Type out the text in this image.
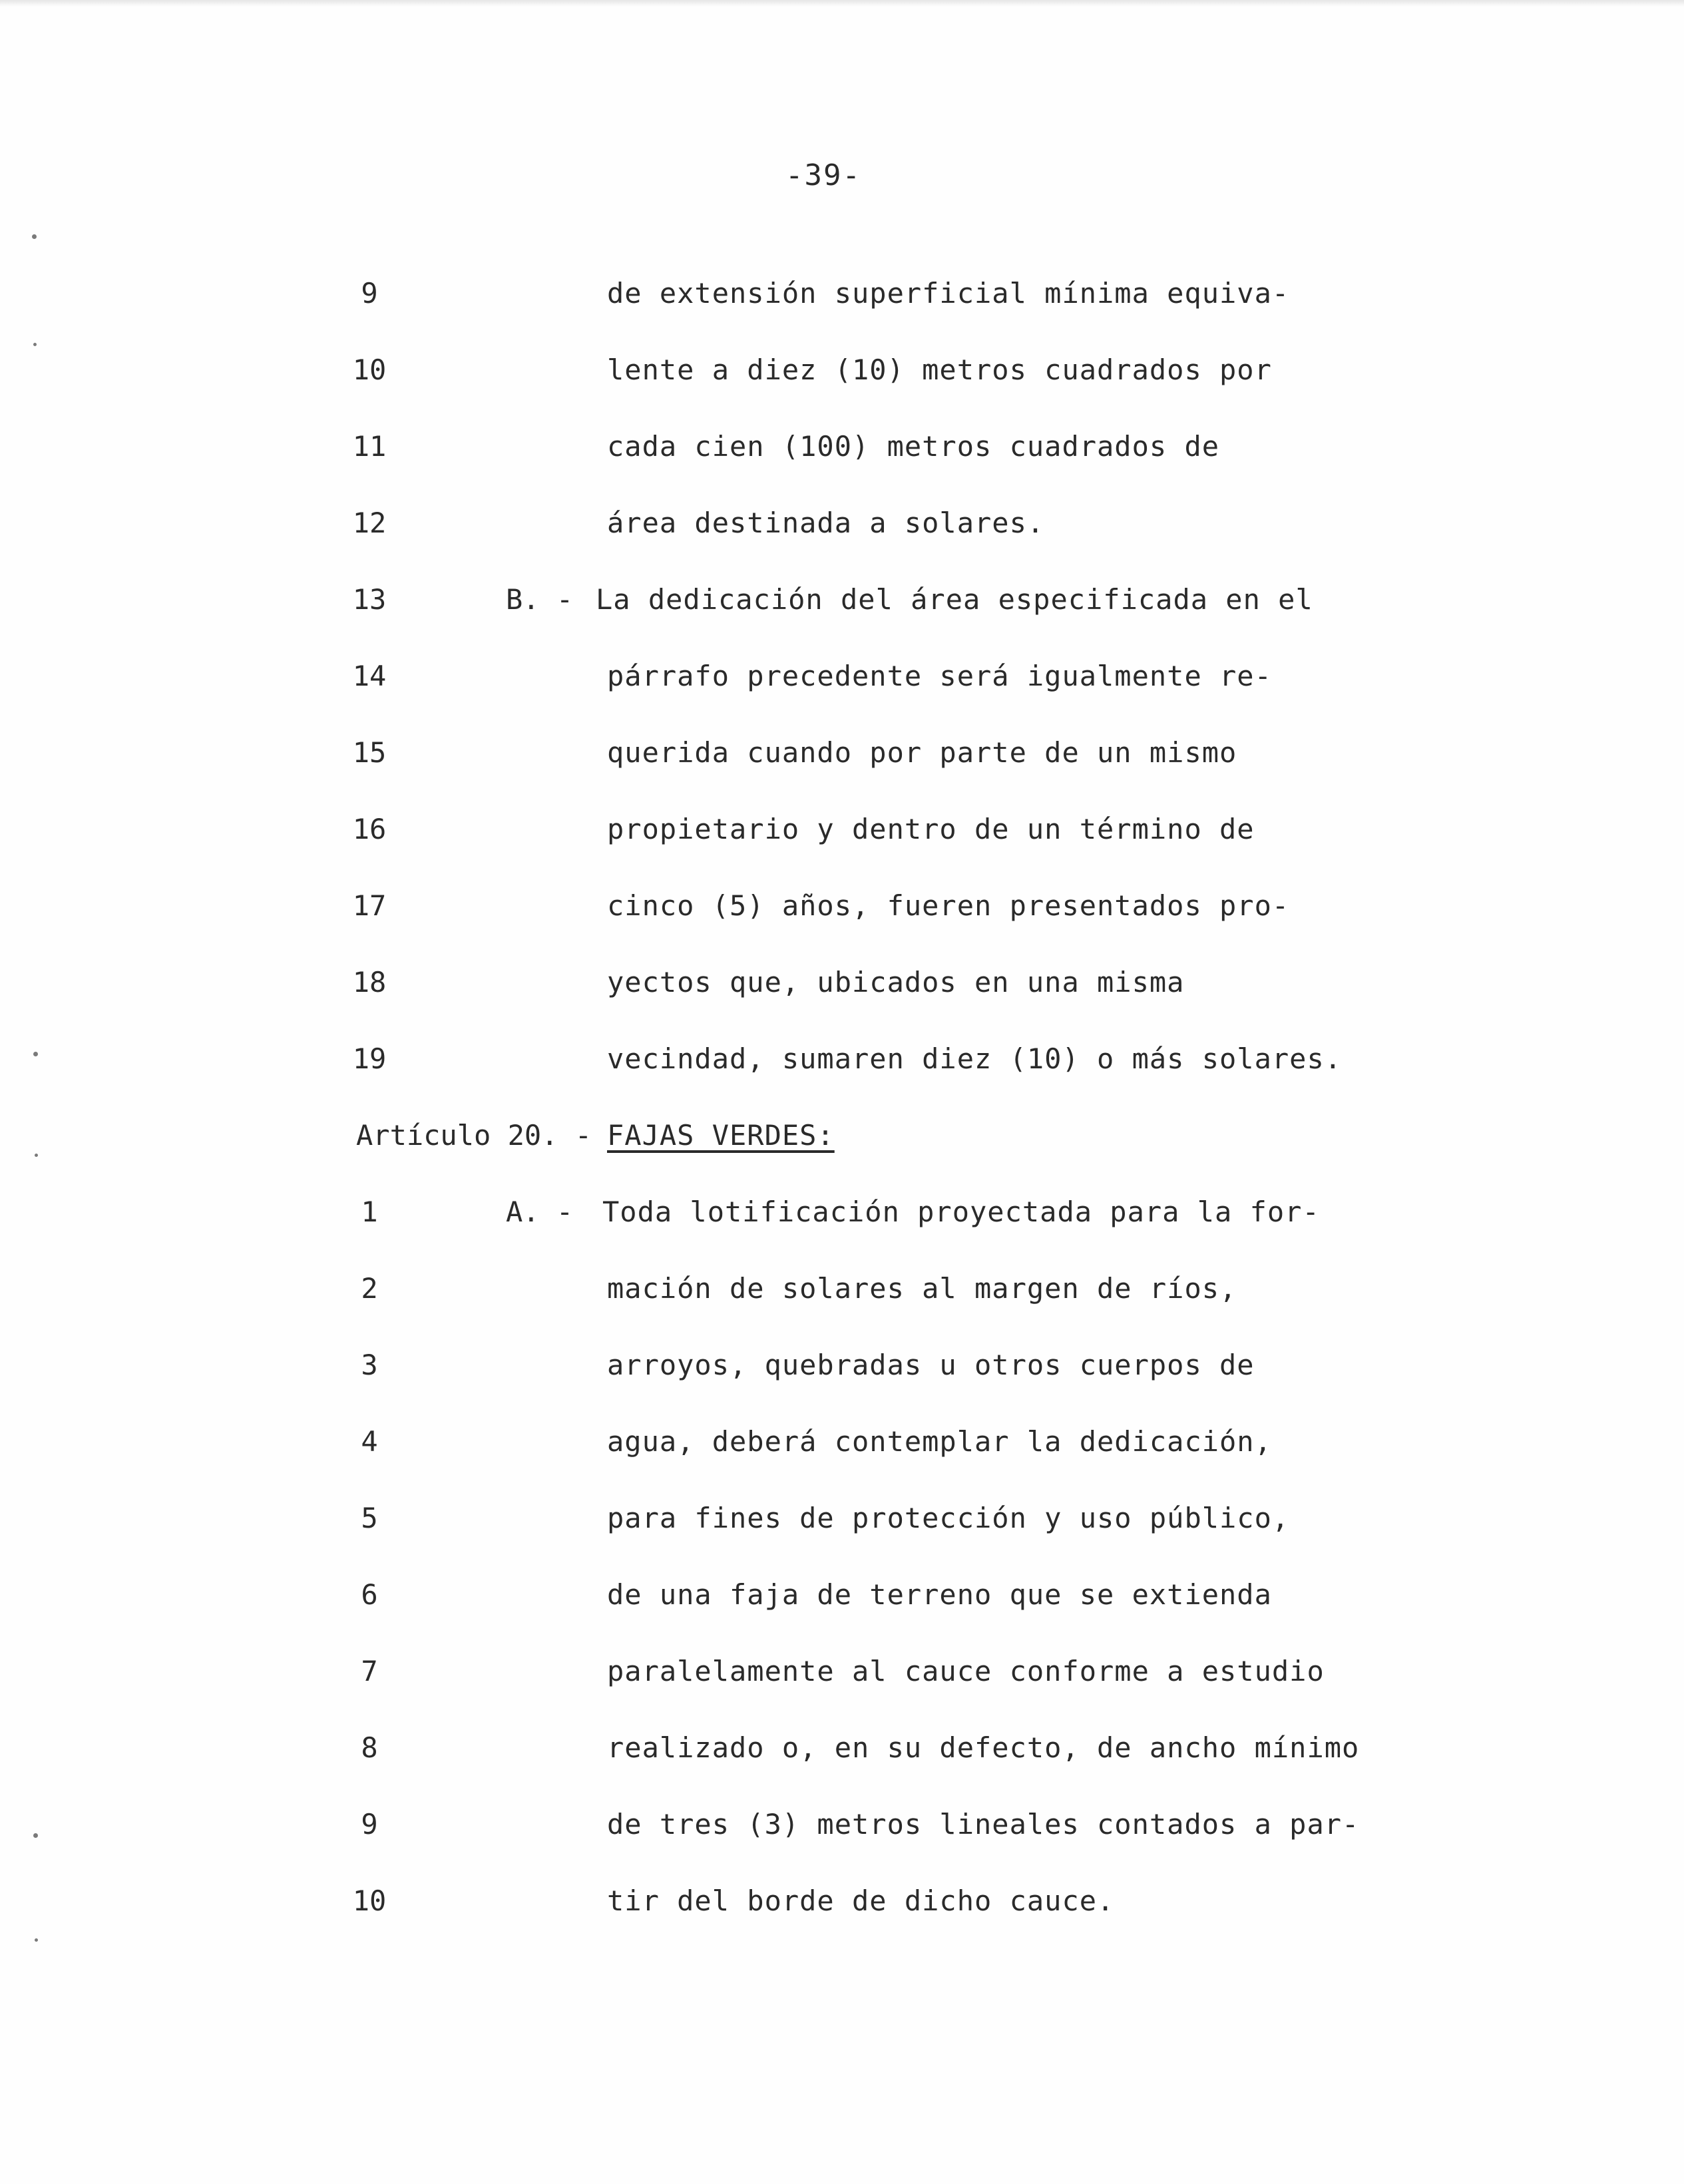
-39-
9	de extensión superficial mínima equiva-
10	lente a diez (10) metros cuadrados por
11	cada cien (100) metros cuadrados de
12	área destinada a solares.
13	B. - La dedicación del área especificada en el
14	párrafo precedente será igualmente re-
15	querida cuando por parte de un mismo
16	propietario y dentro de un término de
17	cinco (5) años, fueren presentados pro-
18	yectos que, ubicados en una misma
19	vecindad, sumaren diez (10) o más solares.
Artículo 20. - FAJAS VERDES:
1	A. - Toda lotificación proyectada para la for-
2	mación de solares al margen de ríos,
3	arroyos, quebradas u otros cuerpos de
4	agua, deberá contemplar la dedicación,
5	para fines de protección y uso público,
6	de una faja de terreno que se extienda
7	paralelamente al cauce conforme a estudio
8	realizado o, en su defecto, de ancho mínimo
9	de tres (3) metros lineales contados a par-
10	tir del borde de dicho cauce.
